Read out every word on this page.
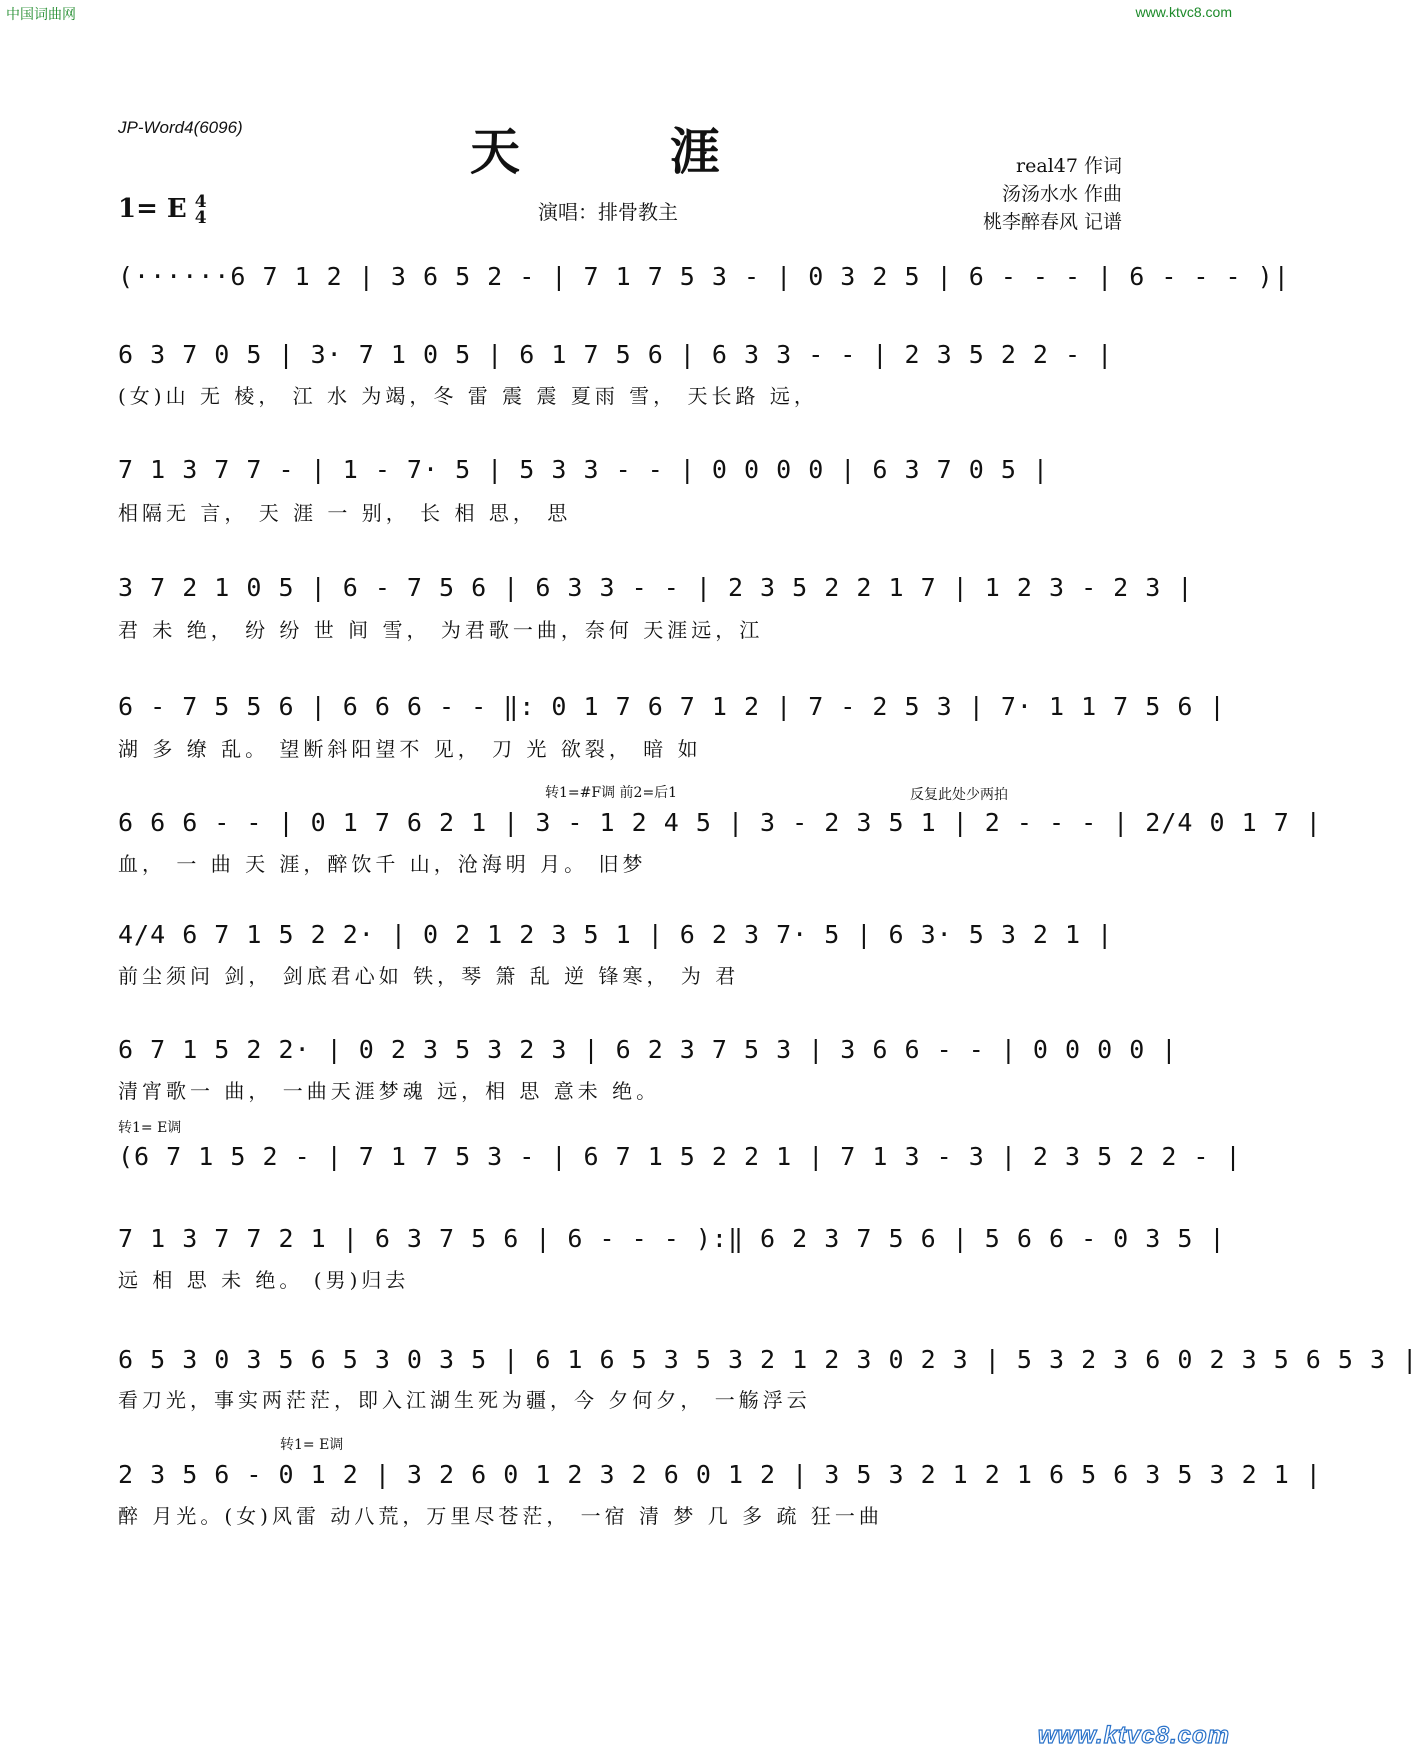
中国词曲网	www.ktvc8.com
JP-Word4(6096)	天涯
演唱：排骨教主
real47 作词
汤汤水水 作曲
桃李醉春风 记谱
1= E 4
4
(······6 7 1 2 | 3 6 5 2 - | 7 1 7 5 3 - | 0 3 2 5 | 6 - - - | 6 - - - )|
6 3 7 0 5 | 3· 7 1 0 5 | 6 1 7 5 6 | 6 3 3 - - | 2 3 5 2 2 - |
(女)山 无 棱， 江 水 为竭，冬 雷 震 震 夏雨 雪， 天长路 远，
7 1 3 7 7 - | 1 - 7· 5 | 5 3 3 - - | 0 0 0 0 | 6 3 7 0 5 |
相隔无 言， 天 涯 一 别， 长 相 思， 思
3 7 2 1 0 5 | 6 - 7 5 6 | 6 3 3 - - | 2 3 5 2 2 1 7 | 1 2 3 - 2 3 |
君 未 绝， 纷 纷 世 间 雪， 为君歌一曲，奈何 天涯远，江
6 - 7 5 5 6 | 6 6 6 - - ‖: 0 1 7 6 7 1 2 | 7 - 2 5 3 | 7· 1 1 7 5 6 |
湖 多 缭 乱。 望断斜阳望不 见， 刀 光 欲裂， 暗 如
转1=#F调 前2=后1	反复此处少两拍
6 6 6 - - | 0 1 7 6 2 1 | 3 - 1 2 4 5 | 3 - 2 3 5 1 | 2 - - - | 2/4 0 1 7 |
血， 一 曲 天 涯，醉饮千 山，沧海明 月。 旧梦
4/4 6 7 1 5 2 2· | 0 2 1 2 3 5 1 | 6 2 3 7· 5 | 6 3· 5 3 2 1 |
前尘须问 剑， 剑底君心如 铁，琴 箫 乱 逆 锋寒， 为 君
6 7 1 5 2 2· | 0 2 3 5 3 2 3 | 6 2 3 7 5 3 | 3 6 6 - - | 0 0 0 0 |
清宵歌一 曲， 一曲天涯梦魂 远，相 思 意未 绝。
转1= E调
(6 7 1 5 2 - | 7 1 7 5 3 - | 6 7 1 5 2 2 1 | 7 1 3 - 3 | 2 3 5 2 2 - |
7 1 3 7 7 2 1 | 6 3 7 5 6 | 6 - - - ):‖ 6 2 3 7 5 6 | 5 6 6 - 0 3 5 |
远 相 思 未 绝。 (男)归去
6 5 3 0 3 5 6 5 3 0 3 5 | 6 1 6 5 3 5 3 2 1 2 3 0 2 3 | 5 3 2 3 6 0 2 3 5 6 5 3 |
看刀光，事实两茫茫，即入江湖生死为疆，今 夕何夕， 一觞浮云
转1= E调
2 3 5 6 - 0 1 2 | 3 2 6 0 1 2 3 2 6 0 1 2 | 3 5 3 2 1 2 1 6 5 6 3 5 3 2 1 |
醉 月光。(女)风雷 动八荒，万里尽苍茫， 一宿 清 梦 几 多 疏 狂一曲
www.ktvc8.com
